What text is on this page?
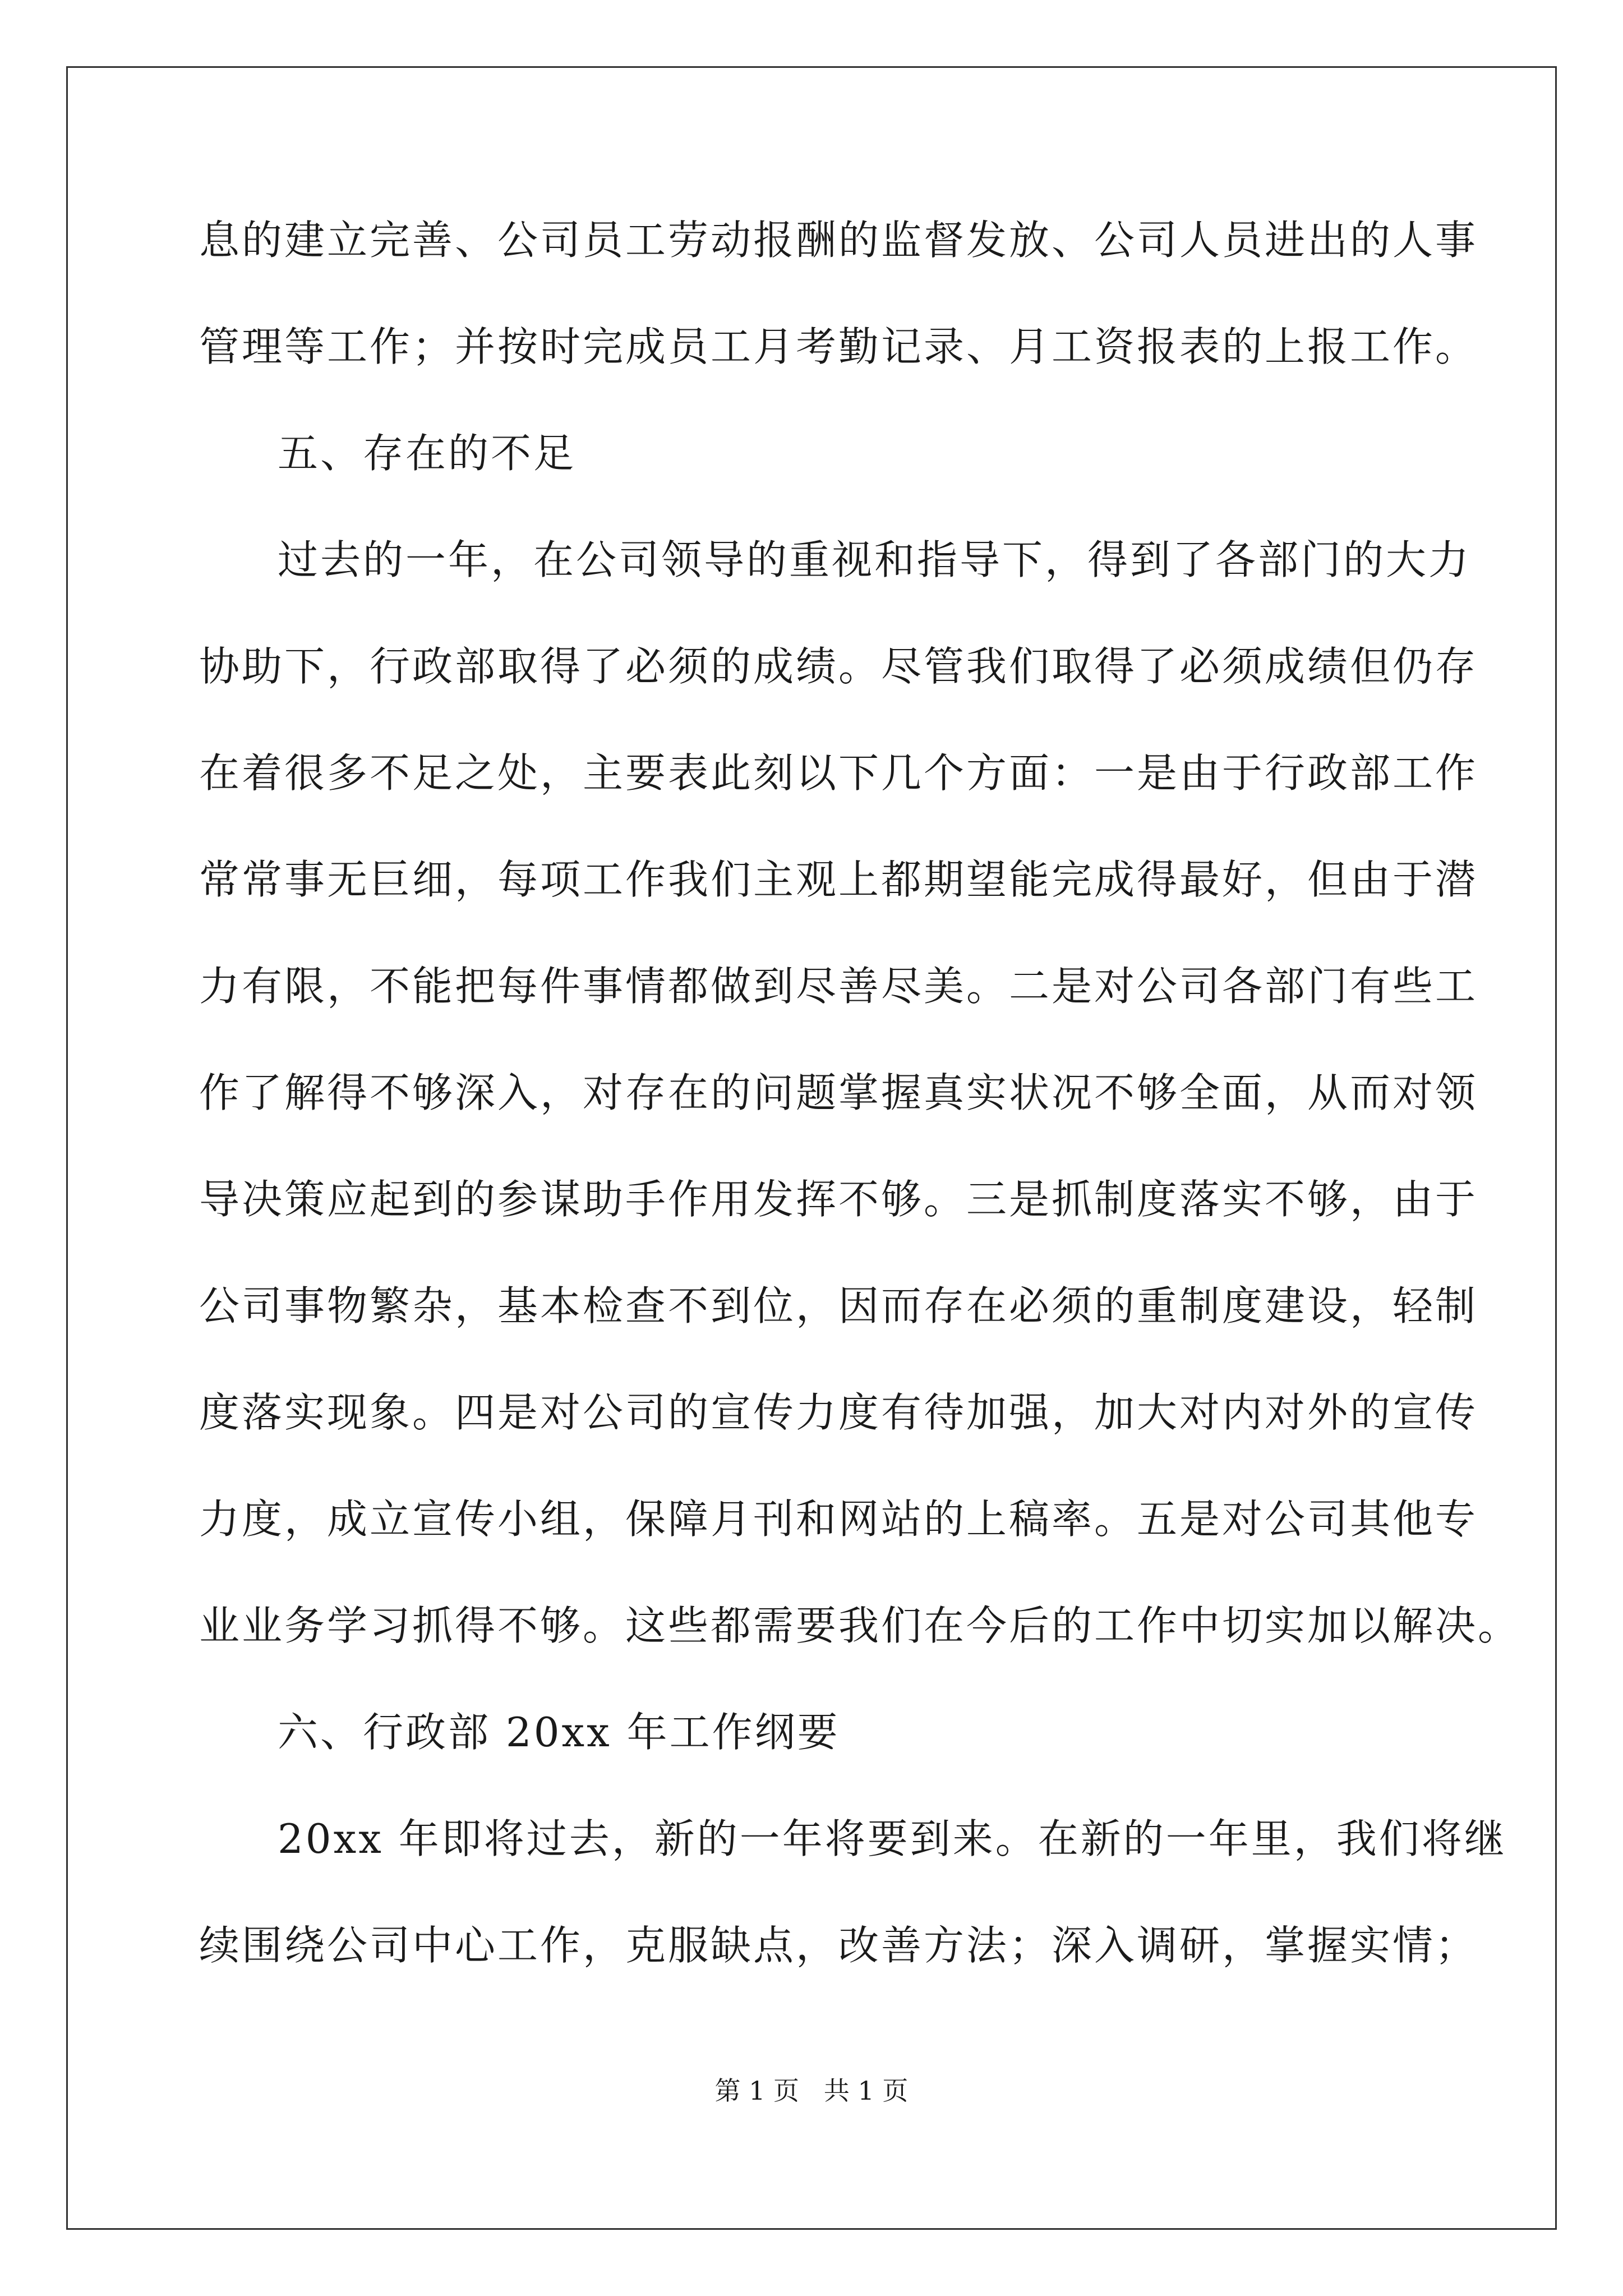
息的建立完善、公司员工劳动报酬的监督发放、公司人员进出的人事
管理等工作；并按时完成员工月考勤记录、月工资报表的上报工作。
五、存在的不足
过去的一年，在公司领导的重视和指导下，得到了各部门的大力
协助下，行政部取得了必须的成绩。尽管我们取得了必须成绩但仍存
在着很多不足之处，主要表此刻以下几个方面：一是由于行政部工作
常常事无巨细，每项工作我们主观上都期望能完成得最好，但由于潜
力有限，不能把每件事情都做到尽善尽美。二是对公司各部门有些工
作了解得不够深入，对存在的问题掌握真实状况不够全面，从而对领
导决策应起到的参谋助手作用发挥不够。三是抓制度落实不够，由于
公司事物繁杂，基本检查不到位，因而存在必须的重制度建设，轻制
度落实现象。四是对公司的宣传力度有待加强，加大对内对外的宣传
力度，成立宣传小组，保障月刊和网站的上稿率。五是对公司其他专
业业务学习抓得不够。这些都需要我们在今后的工作中切实加以解决。
六、行政部 20xx 年工作纲要
20xx 年即将过去，新的一年将要到来。在新的一年里，我们将继
续围绕公司中心工作，克服缺点，改善方法；深入调研，掌握实情；
第 1 页   共 1 页
